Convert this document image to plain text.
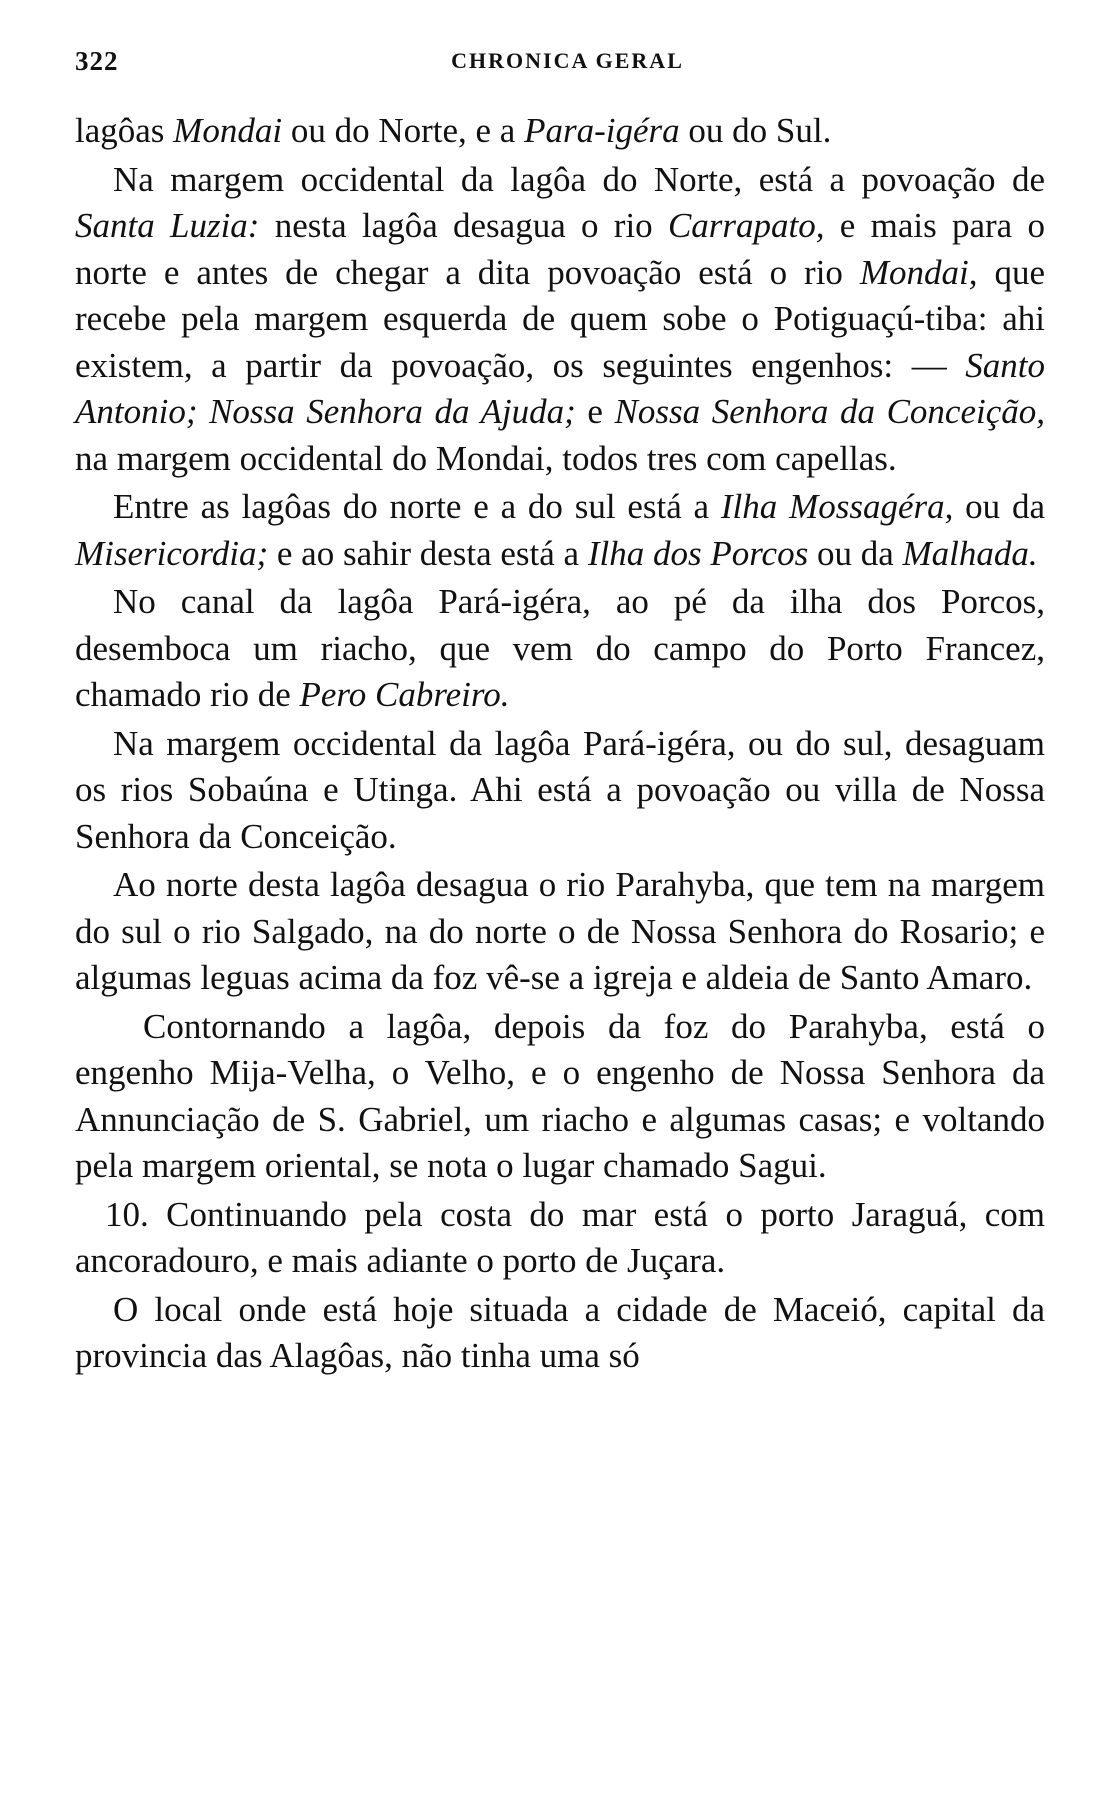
322	CHRONICA GERAL

lagôas Mondai ou do Norte, e a Para-igéra ou do Sul.

Na margem occidental da lagôa do Norte, está a povoação de Santa Luzia: nesta lagôa desagua o rio Carrapato, e mais para o norte e antes de chegar a dita povoação está o rio Mondai, que recebe pela margem esquerda de quem sobe o Potiguaçú-tiba: ahi existem, a partir da povoação, os seguintes engenhos: — Santo Antonio; Nossa Senhora da Ajuda; e Nossa Senhora da Conceição, na margem occidental do Mondai, todos tres com capellas.

Entre as lagôas do norte e a do sul está a Ilha Mossagéra, ou da Misericordia; e ao sahir desta está a Ilha dos Porcos ou da Malhada.

No canal da lagôa Pará-igéra, ao pé da ilha dos Porcos, desemboca um riacho, que vem do campo do Porto Francez, chamado rio de Pero Cabreiro.

Na margem occidental da lagôa Pará-igéra, ou do sul, desaguam os rios Sobaúna e Utinga. Ahi está a povoação ou villa de Nossa Senhora da Conceição.

Ao norte desta lagôa desagua o rio Parahyba, que tem na margem do sul o rio Salgado, na do norte o de Nossa Senhora do Rosario; e algumas leguas acima da foz vê-se a igreja e aldeia de Santo Amaro.

Contornando a lagôa, depois da foz do Parahyba, está o engenho Mija-Velha, o Velho, e o engenho de Nossa Senhora da Annunciação de S. Gabriel, um riacho e algumas casas; e voltando pela margem oriental, se nota o lugar chamado Sagui.

10. Continuando pela costa do mar está o porto Jaraguá, com ancoradouro, e mais adiante o porto de Juçara.

O local onde está hoje situada a cidade de Maceió, capital da provincia das Alagôas, não tinha uma só
